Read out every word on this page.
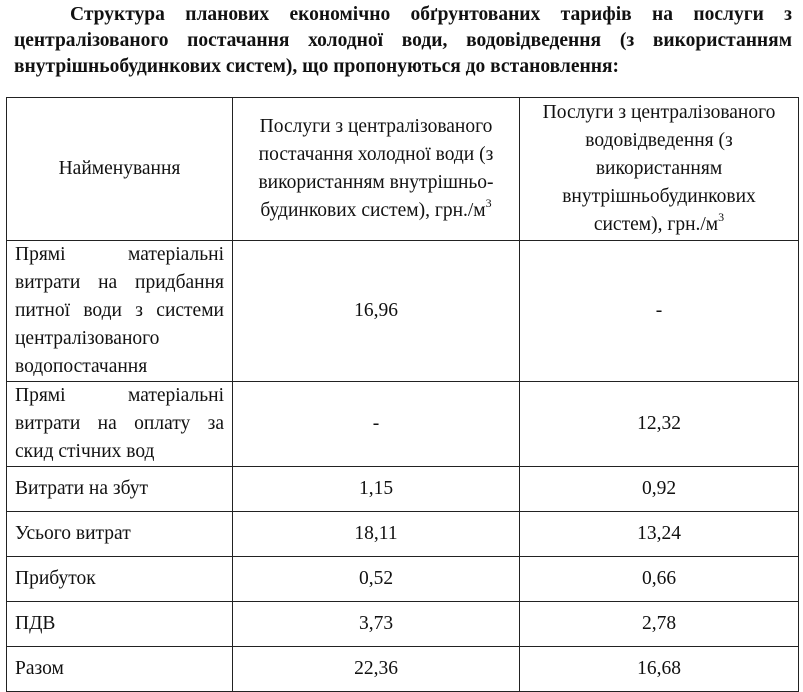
Структура планових економічно обґрунтованих тарифів на послуги з централізованого постачання холодної води, водовідведення (з використанням внутрішньобудинкових систем), що пропонуються до встановлення:
Найменування	Послуги з централізованого постачання холодної води (з використанням внутрішньо-будинкових систем), $грн./м^3$	Послуги з централізованого водовідведення (з використанням внутрішньобудинкових систем), $грн./м^3$
Прямі матеріальні витрати на придбання питної води з системи централізованого водопостачання	16,96	-
Прямі матеріальні витрати на оплату за скид стічних вод	-	12,32
Витрати на збут	1,15	0,92
Усього витрат	18,11	13,24
Прибуток	0,52	0,66
ПДВ	3,73	2,78
Разом	22,36	16,68
